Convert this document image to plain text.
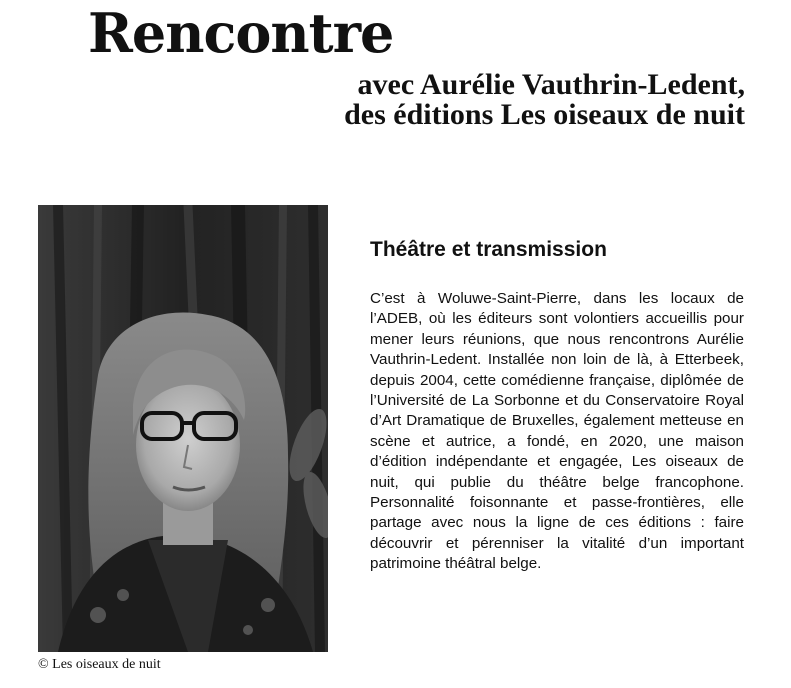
Rencontre
avec Aurélie Vauthrin-Ledent,
des éditions Les oiseaux de nuit

© Les oiseaux de nuit

Théâtre et transmission

C’est à Woluwe-Saint-Pierre, dans les locaux de l’ADEB, où les éditeurs sont volontiers accueillis pour mener leurs réunions, que nous rencontrons Aurélie Vauthrin-Ledent. Installée non loin de là, à Etterbeek, depuis 2004, cette comédienne française, diplômée de l’Université de La Sorbonne et du Conservatoire Royal d’Art Dramatique de Bruxelles, également metteuse en scène et autrice, a fondé, en 2020, une maison d’édition indépendante et engagée, Les oiseaux de nuit, qui publie du théâtre belge francophone. Personnalité foisonnante et passe-frontières, elle partage avec nous la ligne de ces éditions : faire découvrir et pérenniser la vitalité d’un important patrimoine théâtral belge.
